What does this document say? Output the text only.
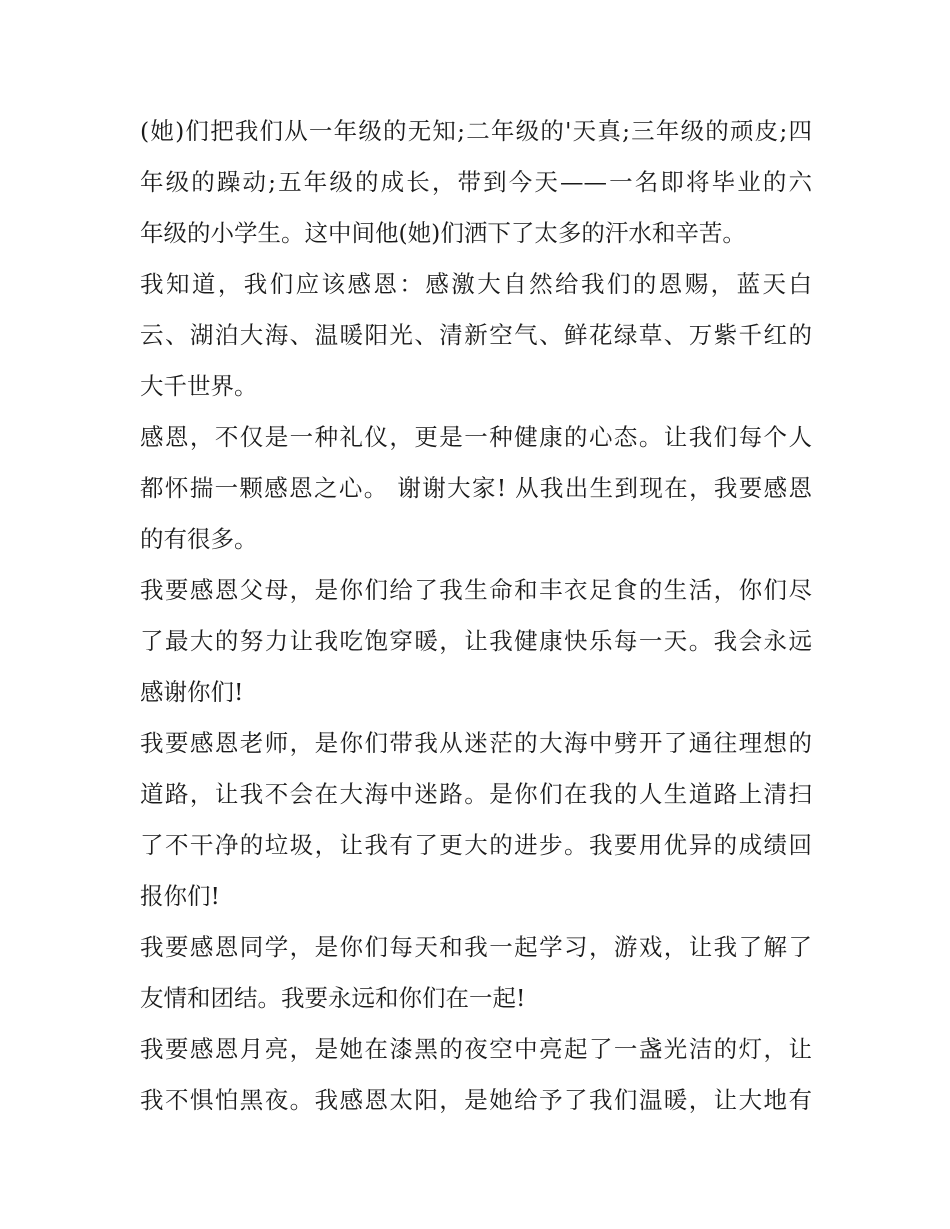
(她)们把我们从一年级的无知;二年级的'天真;三年级的顽皮;四
年级的躁动;五年级的成长，带到今天——一名即将毕业的六
年级的小学生。这中间他(她)们洒下了太多的汗水和辛苦。
我知道，我们应该感恩：感激大自然给我们的恩赐，蓝天白
云、湖泊大海、温暖阳光、清新空气、鲜花绿草、万紫千红的
大千世界。
感恩，不仅是一种礼仪，更是一种健康的心态。让我们每个人
都怀揣一颗感恩之心。 谢谢大家! 从我出生到现在，我要感恩
的有很多。
我要感恩父母，是你们给了我生命和丰衣足食的生活，你们尽
了最大的努力让我吃饱穿暖，让我健康快乐每一天。我会永远
感谢你们!
我要感恩老师，是你们带我从迷茫的大海中劈开了通往理想的
道路，让我不会在大海中迷路。是你们在我的人生道路上清扫
了不干净的垃圾，让我有了更大的进步。我要用优异的成绩回
报你们!
我要感恩同学，是你们每天和我一起学习，游戏，让我了解了
友情和团结。我要永远和你们在一起!
我要感恩月亮，是她在漆黑的夜空中亮起了一盏光洁的灯，让
我不惧怕黑夜。我感恩太阳，是她给予了我们温暖，让大地有
